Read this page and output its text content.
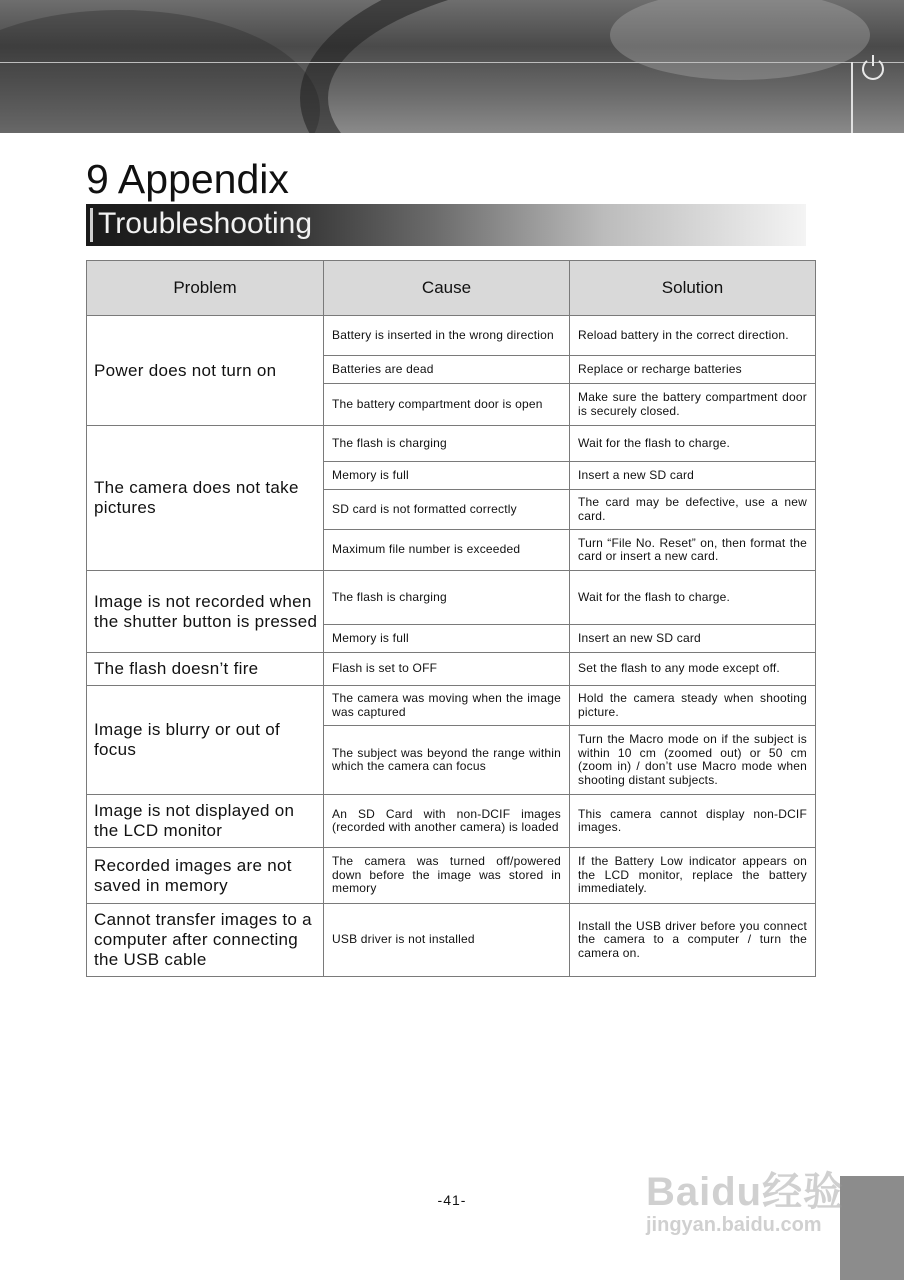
9 Appendix
Troubleshooting
Problem	Cause	Solution
Power does not turn on	Battery is inserted in the wrong direction	Reload battery in the correct direction.
	Batteries are dead	Replace or recharge batteries
	The battery compartment door is open	Make sure the battery compartment door is securely closed.
The camera does not take pictures	The flash is charging	Wait for the flash to charge.
	Memory is full	Insert a new SD card
	SD card is not formatted correctly	The card may be defective, use a new card.
	Maximum file number is exceeded	Turn “File No. Reset” on, then format the card or insert a new card.
Image is not recorded when the shutter button is pressed	The flash is charging	Wait for the flash to charge.
	Memory is full	Insert an new SD card
The flash doesn’t fire	Flash is set to OFF	Set the flash to any mode except off.
Image is blurry or out of focus	The camera was moving when the image was captured	Hold the camera steady when shooting picture.
	The subject was beyond the range within which the camera can focus	Turn the Macro mode on if the subject is within 10 cm (zoomed out) or 50 cm (zoom in) / don’t use Macro mode when shooting distant subjects.
Image is not displayed on the LCD monitor	An SD Card with non-DCIF images (recorded with another camera) is loaded	This camera cannot display non-DCIF images.
Recorded images are not saved in memory	The camera was turned off/powered down before the image was stored in memory	If the Battery Low indicator appears on the LCD monitor, replace the battery immediately.
Cannot transfer images to a computer after connecting the USB cable	USB driver is not installed	Install the USB driver before you connect the camera to a computer / turn the camera on.
-41-	Baidu经验
jingyan.baidu.com
